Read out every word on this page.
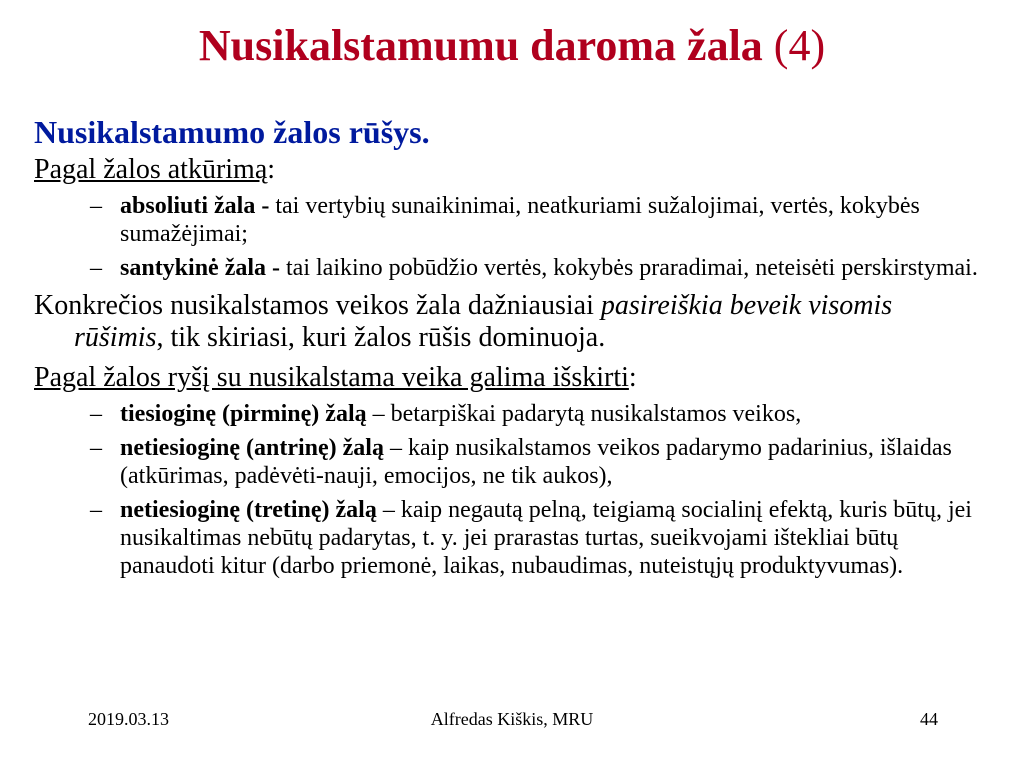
Nusikalstamumu daroma žala (4)
Nusikalstamumo žalos rūšys.
Pagal žalos atkūrimą:
– absoliuti žala - tai vertybių sunaikinimai, neatkuriami sužalojimai, vertės, kokybės sumažėjimai;
– santykinė žala - tai laikino pobūdžio vertės, kokybės praradimai, neteisėti perskirstymai.
Konkrečios nusikalstamos veikos žala dažniausiai pasireiškia beveik visomis rūšimis, tik skiriasi, kuri žalos rūšis dominuoja.
Pagal žalos ryšį su nusikalstama veika galima išskirti:
– tiesioginę (pirminę) žalą – betarpiškai padarytą nusikalstamos veikos,
– netiesioginę (antrinę) žalą – kaip nusikalstamos veikos padarymo padarinius, išlaidas (atkūrimas, padėvėti-nauji, emocijos, ne tik aukos),
– netiesioginę (tretinę) žalą – kaip negautą pelną, teigiamą socialinį efektą, kuris būtų, jei nusikaltimas nebūtų padarytas, t. y. jei prarastas turtas, sueikvojami ištekliai būtų panaudoti kitur (darbo priemonė, laikas, nubaudimas, nuteistųjų produktyvumas).
Alfredas Kiškis, MRU
2019.03.13	44
